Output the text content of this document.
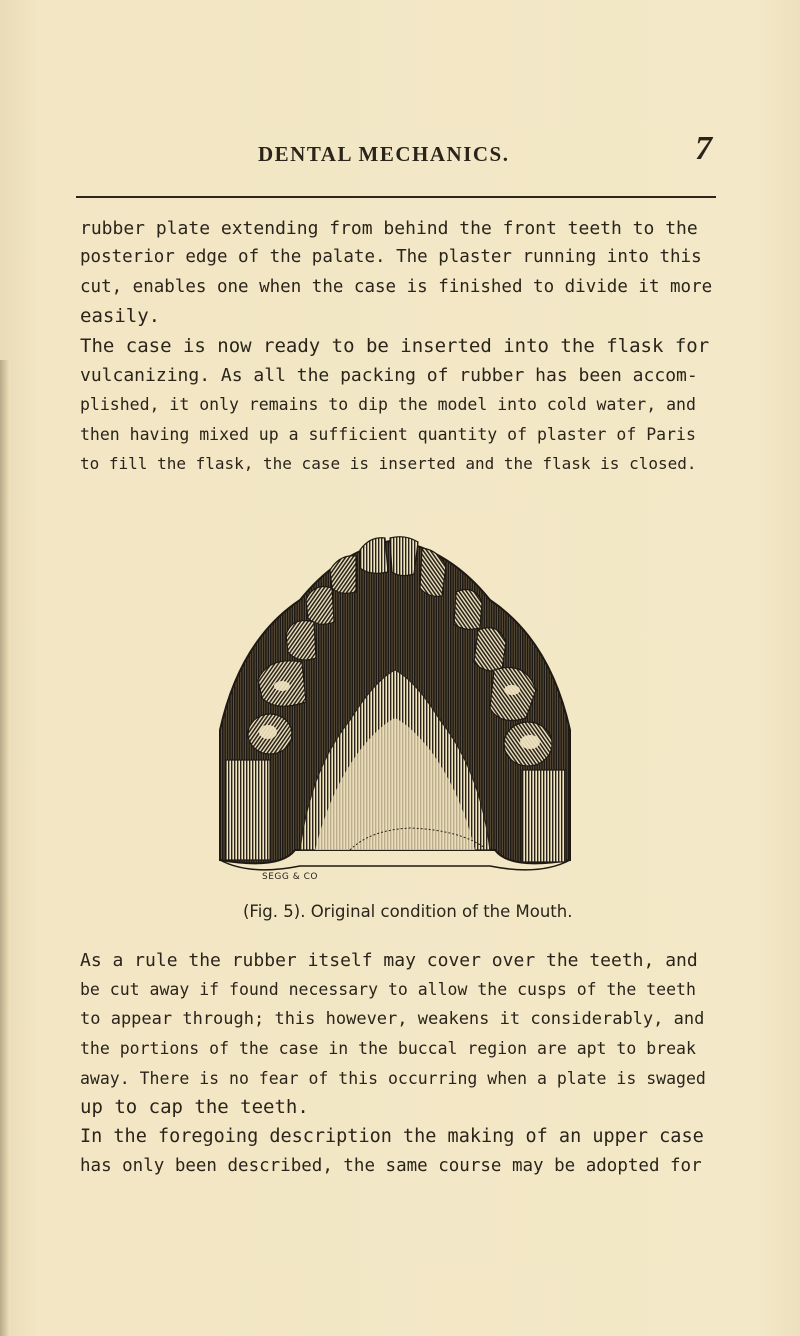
DENTAL MECHANICS.	7
rubber plate extending from behind the front teeth to the
posterior edge of the palate. The plaster running into this
cut, enables one when the case is finished to divide it more
easily.
The case is now ready to be inserted into the flask for
vulcanizing. As all the packing of rubber has been accom-
plished, it only remains to dip the model into cold water, and
then having mixed up a sufficient quantity of plaster of Paris
to fill the flask, the case is inserted and the flask is closed.
SEGG & CO
(Fig. 5). Original condition of the Mouth.
As a rule the rubber itself may cover over the teeth, and
be cut away if found necessary to allow the cusps of the teeth
to appear through; this however, weakens it considerably, and
the portions of the case in the buccal region are apt to break
away. There is no fear of this occurring when a plate is swaged
up to cap the teeth.
In the foregoing description the making of an upper case
has only been described, the same course may be adopted for
